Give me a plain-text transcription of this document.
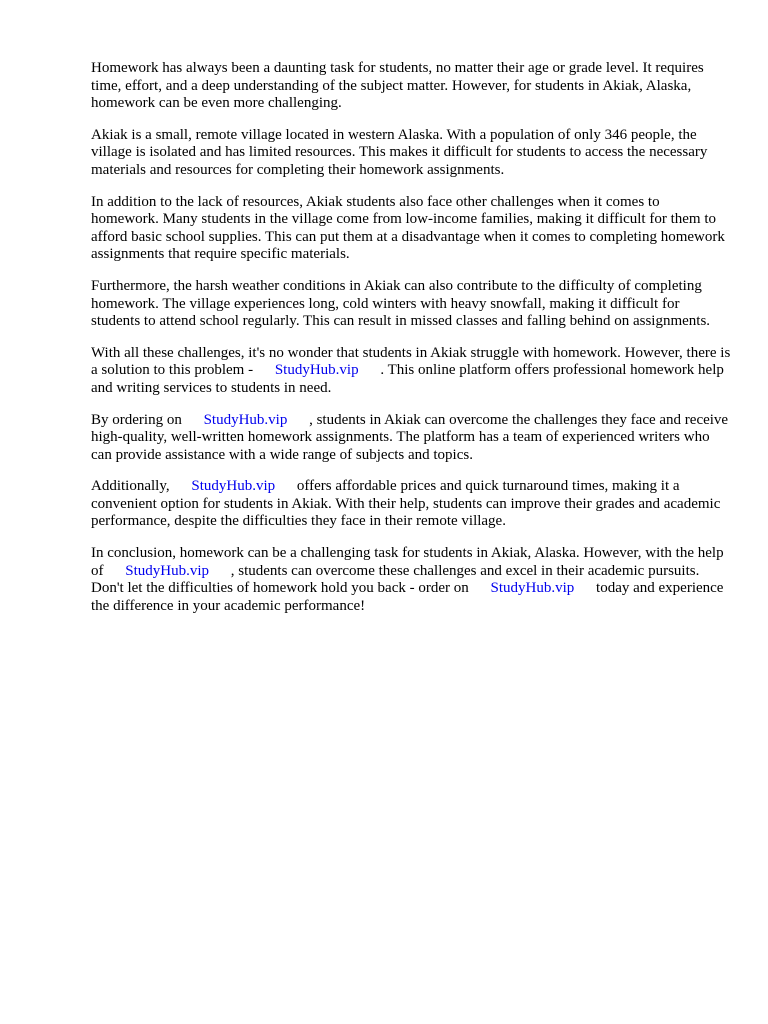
Homework has always been a daunting task for students, no matter their age or grade level. It requires time, effort, and a deep understanding of the subject matter. However, for students in Akiak, Alaska, homework can be even more challenging.

Akiak is a small, remote village located in western Alaska. With a population of only 346 people, the village is isolated and has limited resources. This makes it difficult for students to access the necessary materials and resources for completing their homework assignments.

In addition to the lack of resources, Akiak students also face other challenges when it comes to homework. Many students in the village come from low-income families, making it difficult for them to afford basic school supplies. This can put them at a disadvantage when it comes to completing homework assignments that require specific materials.

Furthermore, the harsh weather conditions in Akiak can also contribute to the difficulty of completing homework. The village experiences long, cold winters with heavy snowfall, making it difficult for students to attend school regularly. This can result in missed classes and falling behind on assignments.

With all these challenges, it's no wonder that students in Akiak struggle with homework. However, there is a solution to this problem - StudyHub.vip . This online platform offers professional homework help and writing services to students in need.

By ordering on StudyHub.vip , students in Akiak can overcome the challenges they face and receive high-quality, well-written homework assignments. The platform has a team of experienced writers who can provide assistance with a wide range of subjects and topics.

Additionally, StudyHub.vip offers affordable prices and quick turnaround times, making it a convenient option for students in Akiak. With their help, students can improve their grades and academic performance, despite the difficulties they face in their remote village.

In conclusion, homework can be a challenging task for students in Akiak, Alaska. However, with the help of StudyHub.vip , students can overcome these challenges and excel in their academic pursuits. Don't let the difficulties of homework hold you back - order on StudyHub.vip today and experience the difference in your academic performance!
